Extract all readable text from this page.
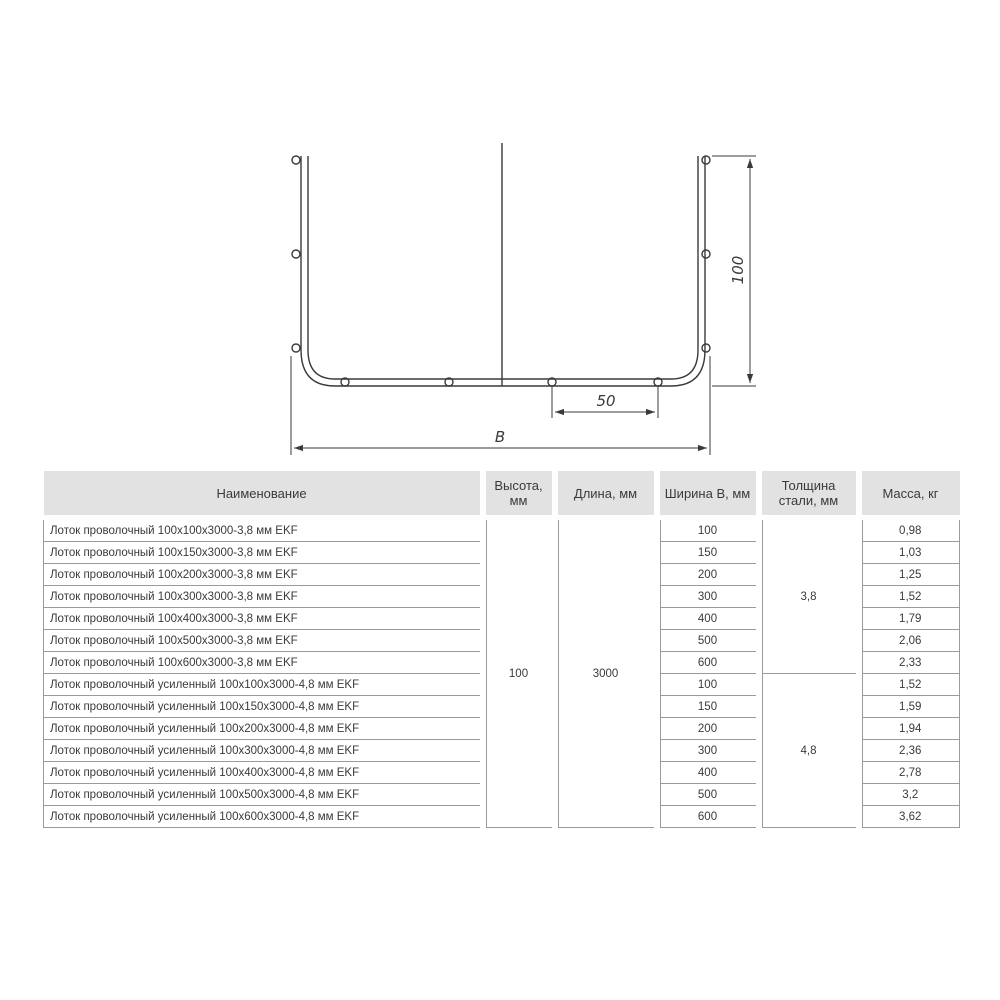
100
50
B
Наименование	Высота, мм	Длина, мм	Ширина В, мм	Толщина стали, мм	Масса, кг

Лоток проволочный 100х100х3000-3,8 мм EKF	100	3000	100	3,8	0,98
Лоток проволочный 100х150х3000-3,8 мм EKF			150		1,03
Лоток проволочный 100х200х3000-3,8 мм EKF			200		1,25
Лоток проволочный 100х300х3000-3,8 мм EKF			300		1,52
Лоток проволочный 100х400х3000-3,8 мм EKF			400		1,79
Лоток проволочный 100х500х3000-3,8 мм EKF			500		2,06
Лоток проволочный 100х600х3000-3,8 мм EKF			600		2,33
Лоток проволочный усиленный 100х100х3000-4,8 мм EKF			100	4,8	1,52
Лоток проволочный усиленный 100х150х3000-4,8 мм EKF			150		1,59
Лоток проволочный усиленный 100х200х3000-4,8 мм EKF			200		1,94
Лоток проволочный усиленный 100х300х3000-4,8 мм EKF			300		2,36
Лоток проволочный усиленный 100х400х3000-4,8 мм EKF			400		2,78
Лоток проволочный усиленный 100х500х3000-4,8 мм EKF			500		3,2
Лоток проволочный усиленный 100х600х3000-4,8 мм EKF			600		3,62
